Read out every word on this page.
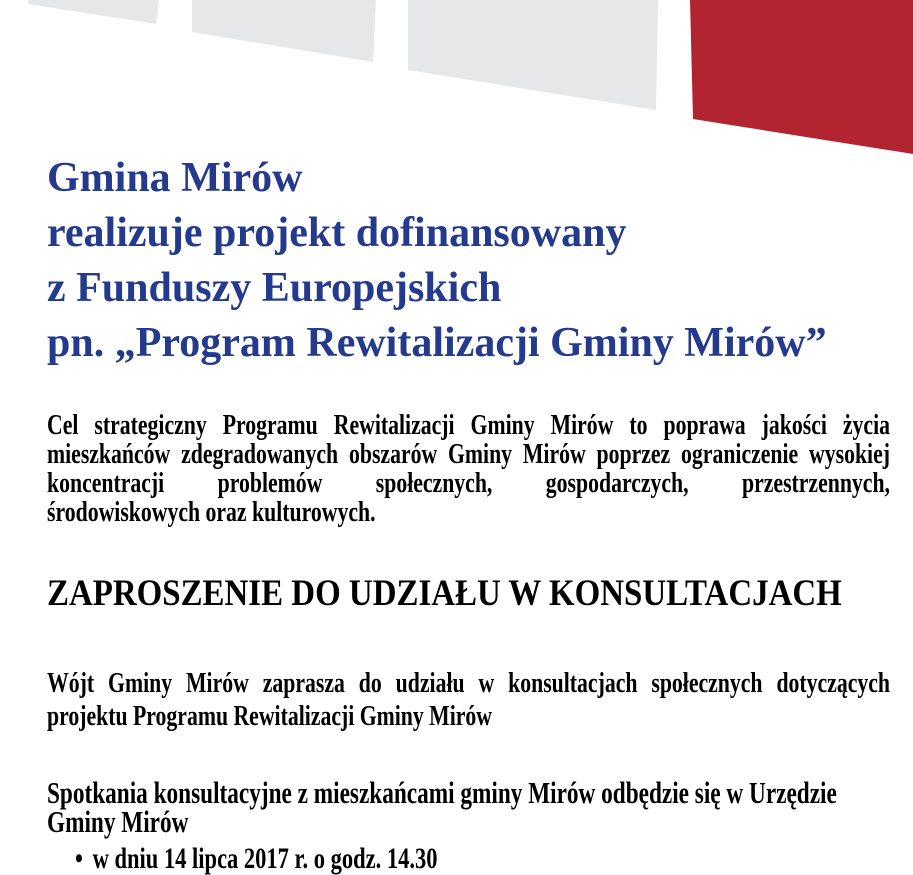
Gmina Mirów
realizuje projekt dofinansowany
z Funduszy Europejskich
pn. „Program Rewitalizacji Gminy Mirów”
Cel strategiczny Programu Rewitalizacji Gminy Mirów to poprawa jakości życia
mieszkańców zdegradowanych obszarów Gminy Mirów poprzez ograniczenie wysokiej
koncentracji problemów społecznych, gospodarczych, przestrzennych,
środowiskowych oraz kulturowych.
ZAPROSZENIE DO UDZIAŁU W KONSULTACJACH
Wójt Gminy Mirów zaprasza do udziału w konsultacjach społecznych dotyczących
projektu Programu Rewitalizacji Gminy Mirów
Spotkania konsultacyjne z mieszkańcami gminy Mirów odbędzie się w Urzędzie
Gminy Mirów
• w dniu 14 lipca 2017 r. o godz. 14.30
